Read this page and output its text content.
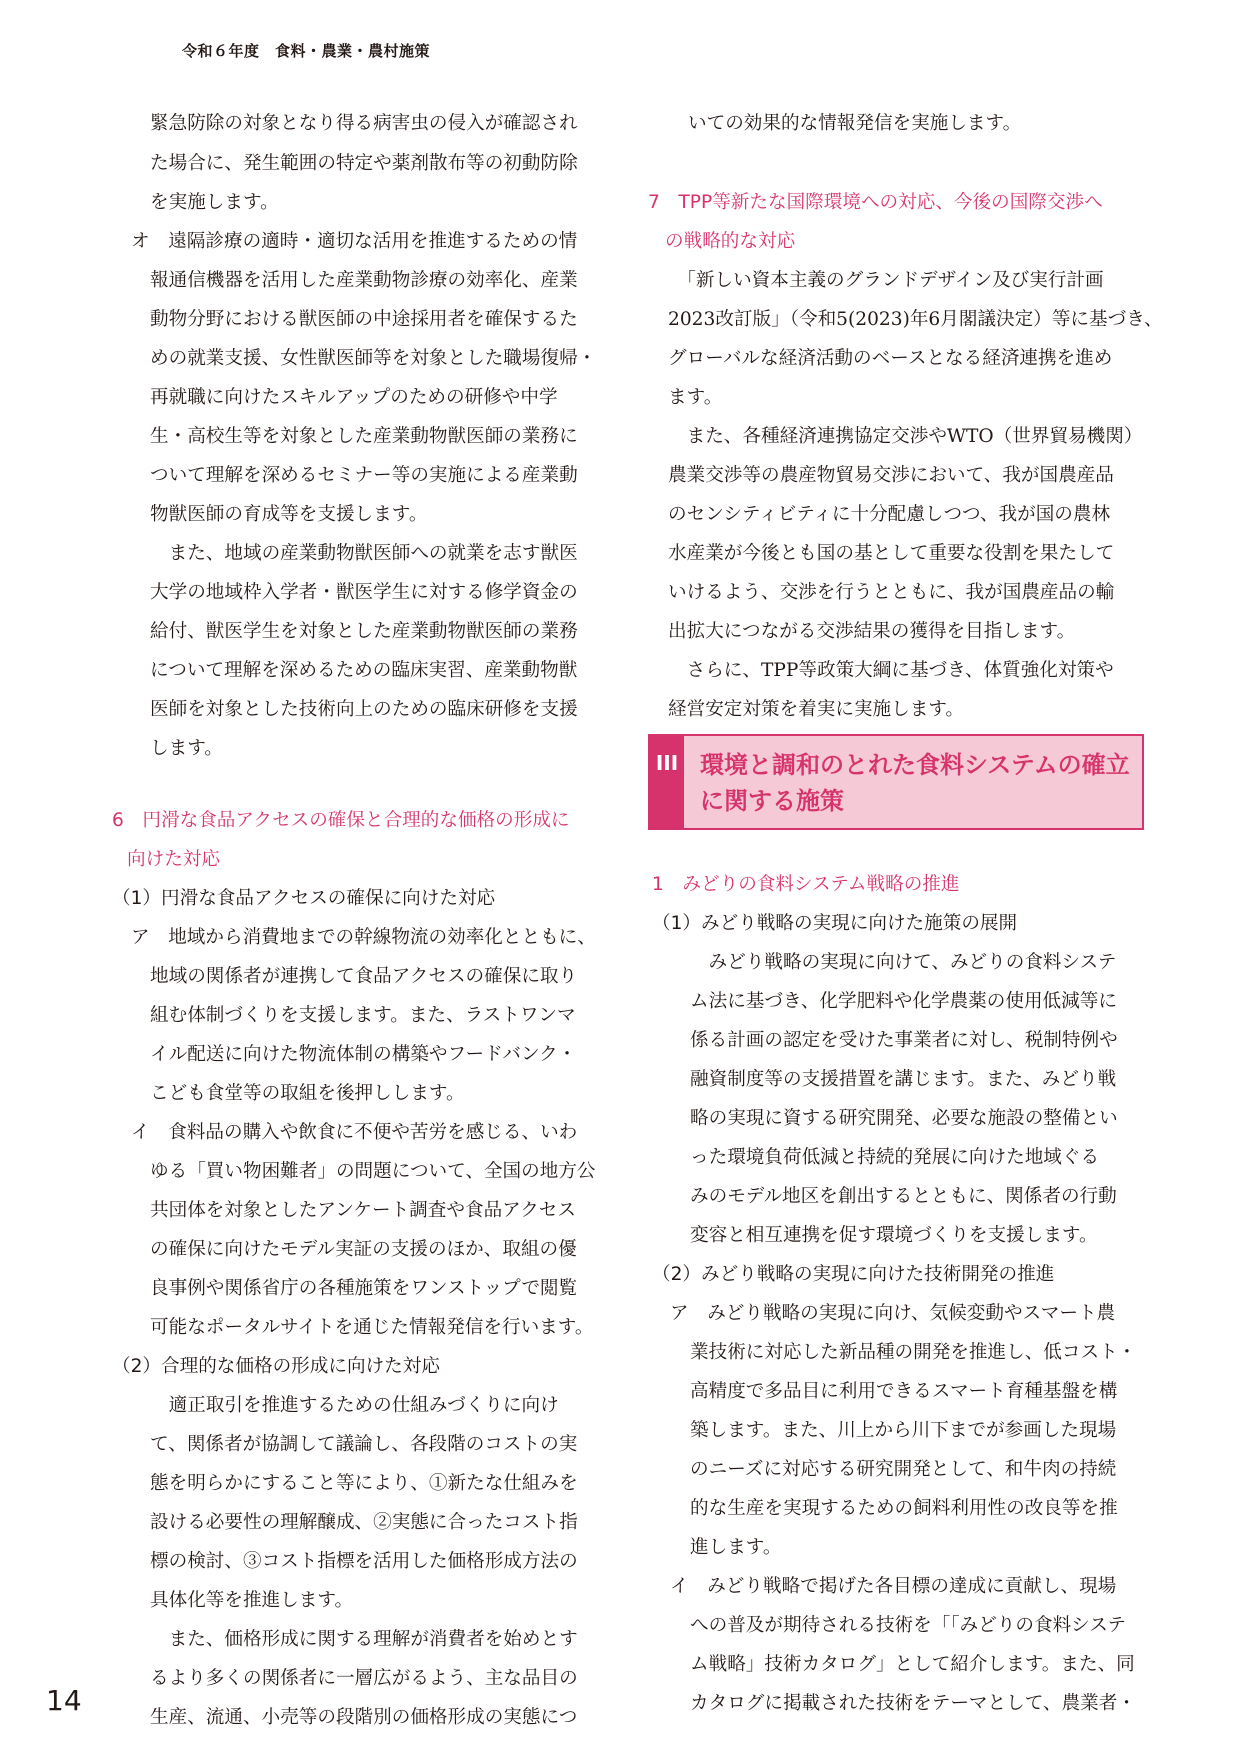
令和６年度　食料・農業・農村施策
緊急防除の対象となり得る病害虫の侵入が確認され
た場合に、発生範囲の特定や薬剤散布等の初動防除
を実施します。
オ　遠隔診療の適時・適切な活用を推進するための情
報通信機器を活用した産業動物診療の効率化、産業
動物分野における獣医師の中途採用者を確保するた
めの就業支援、女性獣医師等を対象とした職場復帰・
再就職に向けたスキルアップのための研修や中学
生・高校生等を対象とした産業動物獣医師の業務に
ついて理解を深めるセミナー等の実施による産業動
物獣医師の育成等を支援します。
　また、地域の産業動物獣医師への就業を志す獣医
大学の地域枠入学者・獣医学生に対する修学資金の
給付、獣医学生を対象とした産業動物獣医師の業務
について理解を深めるための臨床実習、産業動物獣
医師を対象とした技術向上のための臨床研修を支援
します。
6　円滑な食品アクセスの確保と合理的な価格の形成に
向けた対応
（1）円滑な食品アクセスの確保に向けた対応
ア　地域から消費地までの幹線物流の効率化とともに、
地域の関係者が連携して食品アクセスの確保に取り
組む体制づくりを支援します。また、ラストワンマ
イル配送に向けた物流体制の構築やフードバンク・
こども食堂等の取組を後押しします。
イ　食料品の購入や飲食に不便や苦労を感じる、いわ
ゆる「買い物困難者」の問題について、全国の地方公
共団体を対象としたアンケート調査や食品アクセス
の確保に向けたモデル実証の支援のほか、取組の優
良事例や関係省庁の各種施策をワンストップで閲覧
可能なポータルサイトを通じた情報発信を行います。
（2）合理的な価格の形成に向けた対応
　適正取引を推進するための仕組みづくりに向け
て、関係者が協調して議論し、各段階のコストの実
態を明らかにすること等により、①新たな仕組みを
設ける必要性の理解醸成、②実態に合ったコスト指
標の検討、③コスト指標を活用した価格形成方法の
具体化等を推進します。
　また、価格形成に関する理解が消費者を始めとす
るより多くの関係者に一層広がるよう、主な品目の
生産、流通、小売等の段階別の価格形成の実態につ
いての効果的な情報発信を実施します。
7　TPP等新たな国際環境への対応、今後の国際交渉へ
の戦略的な対応
　「新しい資本主義のグランドデザイン及び実行計画
2023改訂版」（令和5(2023)年6月閣議決定）等に基づき、
グローバルな経済活動のベースとなる経済連携を進め
ます。
　また、各種経済連携協定交渉やWTO（世界貿易機関）
農業交渉等の農産物貿易交渉において、我が国農産品
のセンシティビティに十分配慮しつつ、我が国の農林
水産業が今後とも国の基として重要な役割を果たして
いけるよう、交渉を行うとともに、我が国農産品の輸
出拡大につながる交渉結果の獲得を目指します。
　さらに、TPP等政策大綱に基づき、体質強化対策や
経営安定対策を着実に実施します。
1　みどりの食料システム戦略の推進
（1）みどり戦略の実現に向けた施策の展開
　みどり戦略の実現に向けて、みどりの食料システ
ム法に基づき、化学肥料や化学農薬の使用低減等に
係る計画の認定を受けた事業者に対し、税制特例や
融資制度等の支援措置を講じます。また、みどり戦
略の実現に資する研究開発、必要な施設の整備とい
った環境負荷低減と持続的発展に向けた地域ぐる
みのモデル地区を創出するとともに、関係者の行動
変容と相互連携を促す環境づくりを支援します。
（2）みどり戦略の実現に向けた技術開発の推進
ア　みどり戦略の実現に向け、気候変動やスマート農
業技術に対応した新品種の開発を推進し、低コスト・
高精度で多品目に利用できるスマート育種基盤を構
築します。また、川上から川下までが参画した現場
のニーズに対応する研究開発として、和牛肉の持続
的な生産を実現するための飼料利用性の改良等を推
進します。
イ　みどり戦略で掲げた各目標の達成に貢献し、現場
への普及が期待される技術を「「みどりの食料システ
ム戦略」技術カタログ」として紹介します。また、同
カタログに掲載された技術をテーマとして、農業者・
III 環境と調和のとれた食料システムの確立
に関する施策
14
